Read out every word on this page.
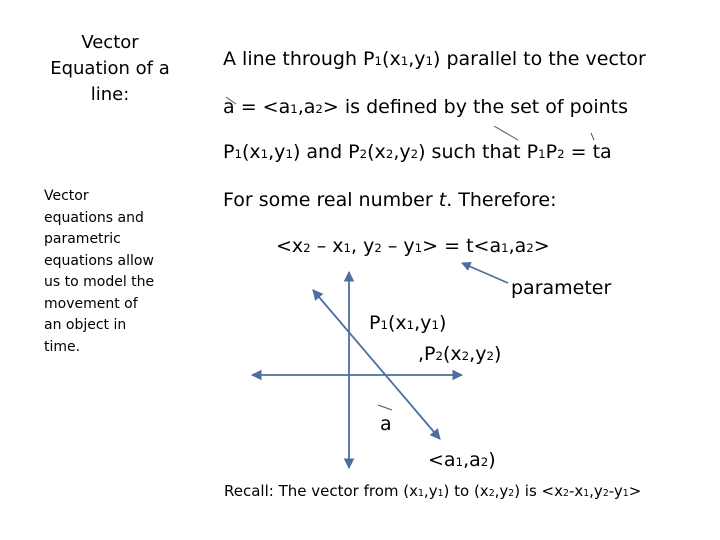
Vector Equation of a line:
Vector equations and parametric equations allow us to model the movement of an object in time.
A line through P1(x1,y1) parallel to the vector
a = <a1,a2> is defined by the set of points
P1(x1,y1) and P2(x2,y2) such that P1P2 = ta
For some real number t. Therefore:
<x2 – x1, y2 – y1> = t<a1,a2>
parameter
P1(x1,y1)
,P2(x2,y2)
a
<a1,a2)
Recall: The vector from (x1,y1) to (x2,y2) is <x2-x1,y2-y1>
